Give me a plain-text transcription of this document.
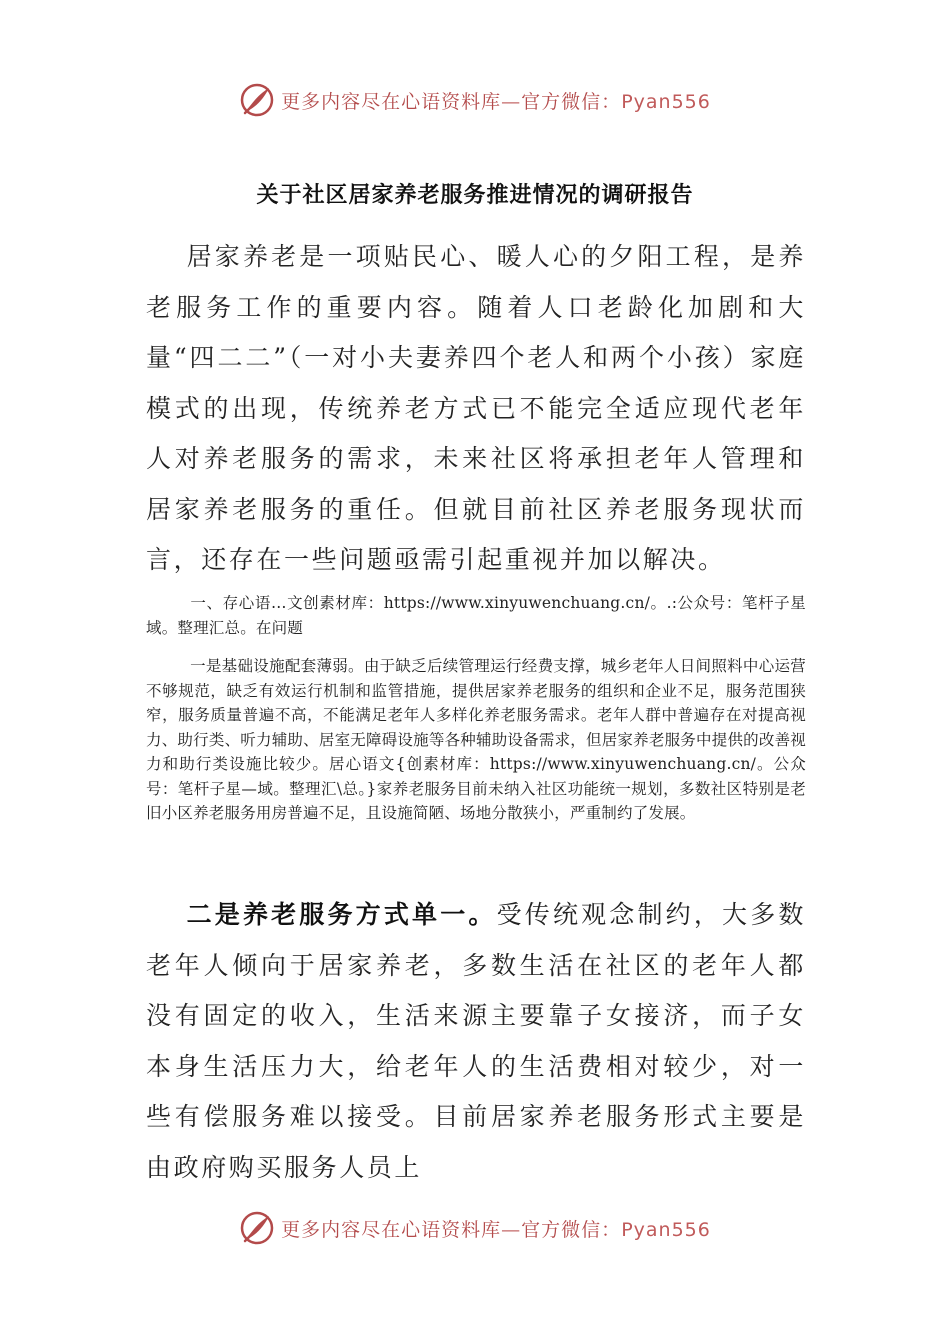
更多内容尽在心语资料库—官方微信：Pyan556
关于社区居家养老服务推进情况的调研报告
居家养老是一项贴民心、暖人心的夕阳工程，是养老服务工作的重要内容。随着人口老龄化加剧和大量“四二二”（一对小夫妻养四个老人和两个小孩）家庭模式的出现，传统养老方式已不能完全适应现代老年人对养老服务的需求，未来社区将承担老年人管理和居家养老服务的重任。但就目前社区养老服务现状而言，还存在一些问题亟需引起重视并加以解决。
一、存心语…文创素材库：https://www.xinyuwenchuang.cn/。.:公众号：笔杆子星域。整理汇总。在问题
一是基础设施配套薄弱。由于缺乏后续管理运行经费支撑，城乡老年人日间照料中心运营不够规范，缺乏有效运行机制和监管措施，提供居家养老服务的组织和企业不足，服务范围狭窄，服务质量普遍不高，不能满足老年人多样化养老服务需求。老年人群中普遍存在对提高视力、助行类、听力辅助、居室无障碍设施等各种辅助设备需求，但居家养老服务中提供的改善视力和助行类设施比较少。居心语文{创素材库：https://www.xinyuwenchuang.cn/。公众号：笔杆子星—域。整理汇\总。}家养老服务目前未纳入社区功能统一规划，多数社区特别是老旧小区养老服务用房普遍不足，且设施简陋、场地分散狭小，严重制约了发展。
二是养老服务方式单一。受传统观念制约，大多数老年人倾向于居家养老，多数生活在社区的老年人都没有固定的收入，生活来源主要靠子女接济，而子女本身生活压力大，给老年人的生活费相对较少，对一些有偿服务难以接受。目前居家养老服务形式主要是由政府购买服务人员上
更多内容尽在心语资料库—官方微信：Pyan556
